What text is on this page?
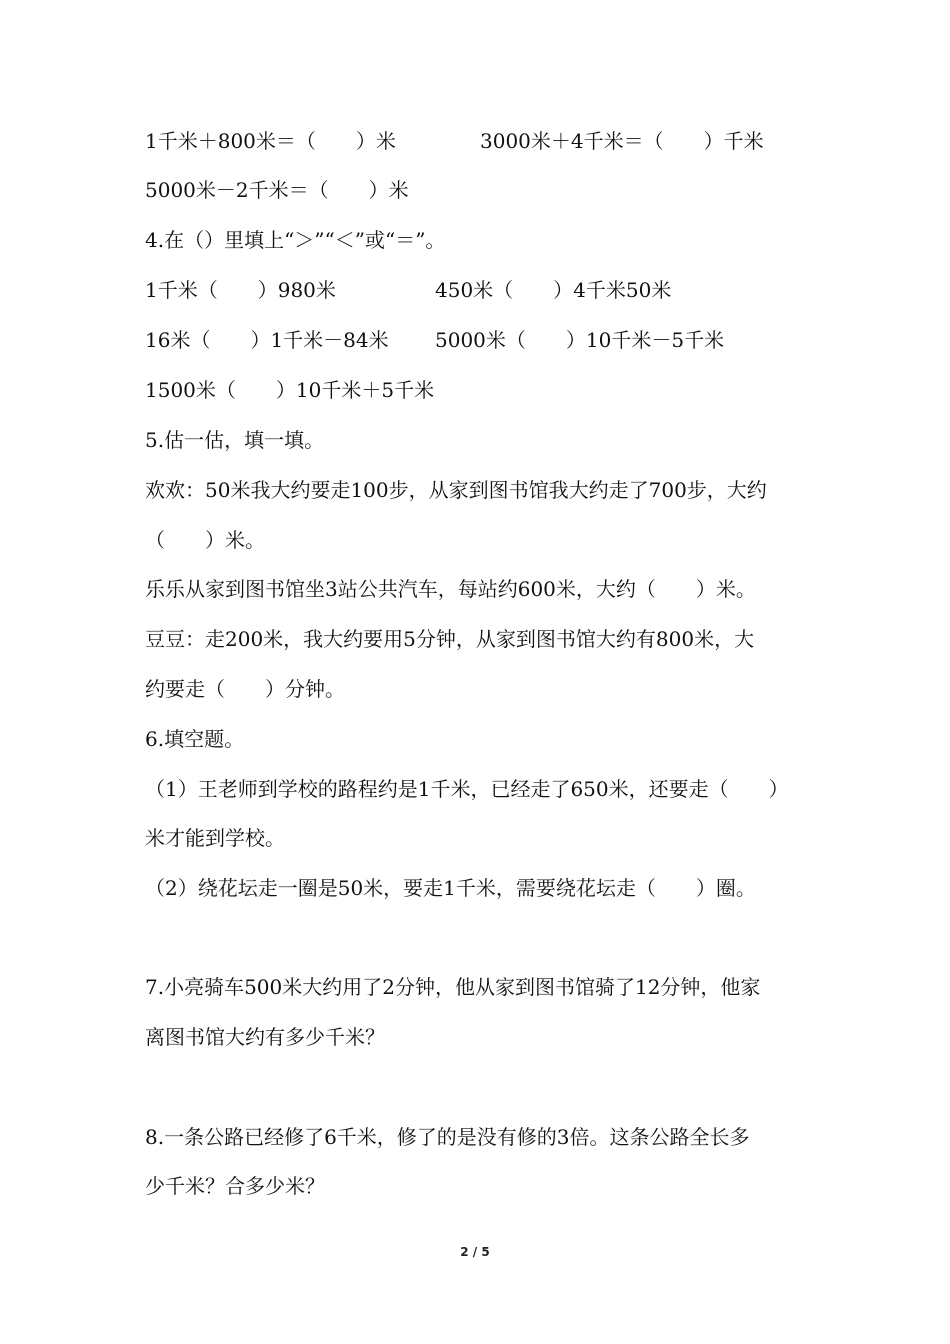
1千米＋800米＝（　　）米	3000米＋4千米＝（　　）千米
5000米－2千米＝（　　）米
4.在（）里填上“＞”“＜”或“＝”。
1千米（　　）980米	450米（　　）4千米50米
16米（　　）1千米－84米 5000米（　　）10千米－5千米
1500米（　　）10千米＋5千米
5.估一估，填一填。
欢欢：50米我大约要走100步，从家到图书馆我大约走了700步，大约
（　　）米。
乐乐从家到图书馆坐3站公共汽车，每站约600米，大约（　　）米。
豆豆：走200米，我大约要用5分钟，从家到图书馆大约有800米，大
约要走（　　）分钟。
6.填空题。
（1）王老师到学校的路程约是1千米，已经走了650米，还要走（　　）
米才能到学校。
（2）绕花坛走一圈是50米，要走1千米，需要绕花坛走（　　）圈。
7.小亮骑车500米大约用了2分钟，他从家到图书馆骑了12分钟，他家
离图书馆大约有多少千米？
8.一条公路已经修了6千米，修了的是没有修的3倍。这条公路全长多
少千米？合多少米？
2 / 5
